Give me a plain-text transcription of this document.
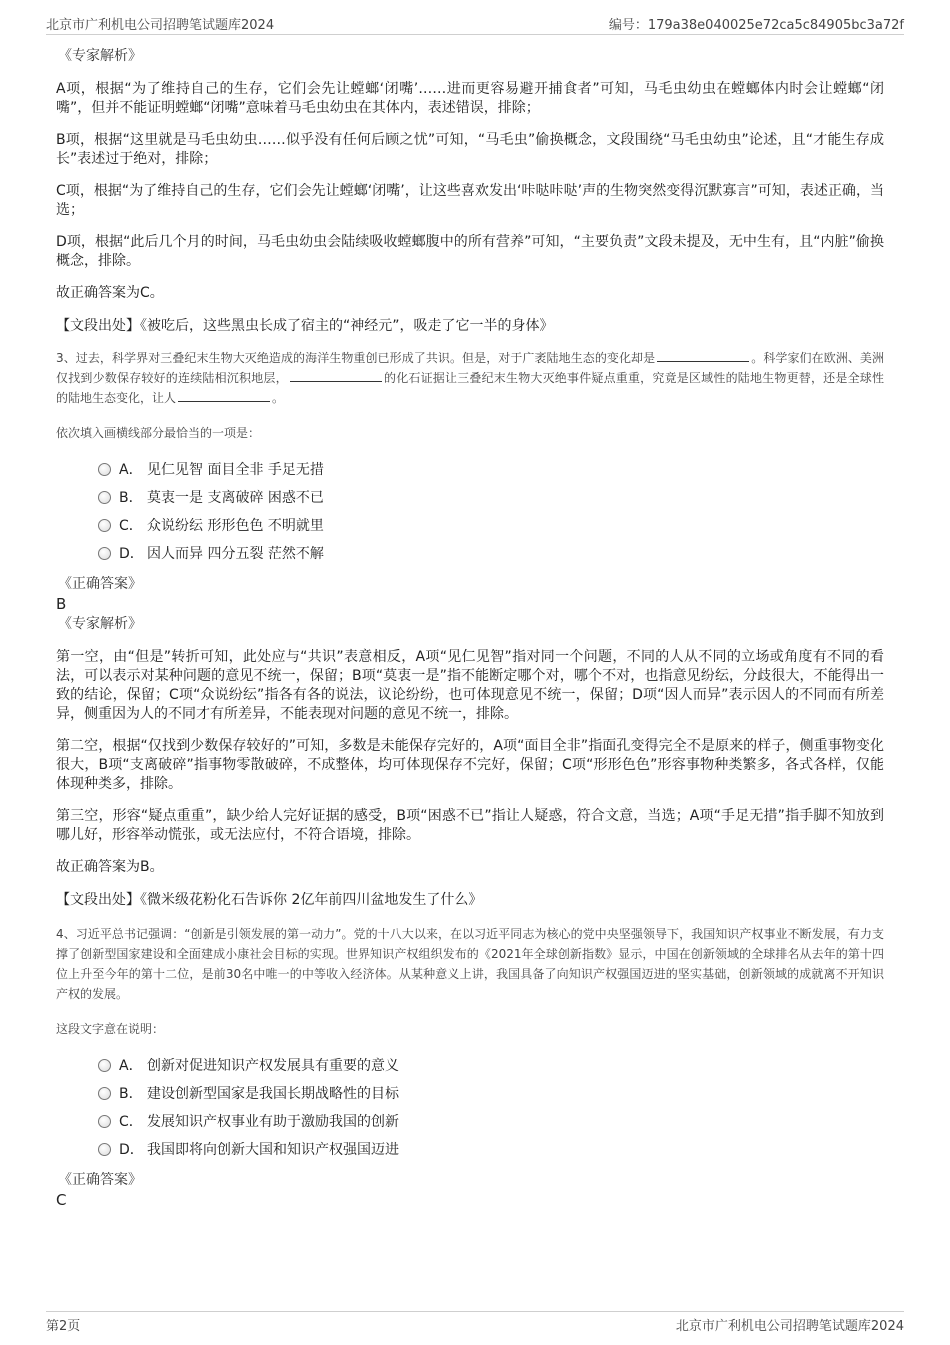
北京市广利机电公司招聘笔试题库2024	编号：179a38e040025e72ca5c84905bc3a72f
《专家解析》

A项，根据“为了维持自己的生存，它们会先让螳螂‘闭嘴’……进而更容易避开捕食者”可知，马毛虫幼虫在螳螂体内时会让螳螂“闭嘴”，但并不能证明螳螂“闭嘴”意味着马毛虫幼虫在其体内，表述错误，排除；

B项，根据“这里就是马毛虫幼虫……似乎没有任何后顾之忧”可知，“马毛虫”偷换概念，文段围绕“马毛虫幼虫”论述，且“才能生存成长”表述过于绝对，排除；

C项，根据“为了维持自己的生存，它们会先让螳螂‘闭嘴’，让这些喜欢发出‘咔哒咔哒’声的生物突然变得沉默寡言”可知，表述正确，当选；

D项，根据“此后几个月的时间，马毛虫幼虫会陆续吸收螳螂腹中的所有营养”可知，“主要负责”文段未提及，无中生有，且“内脏”偷换概念，排除。

故正确答案为C。

【文段出处】《被吃后，这些黑虫长成了宿主的“神经元”，吸走了它一半的身体》

3、过去，科学界对三叠纪末生物大灭绝造成的海洋生物重创已形成了共识。但是，对于广袤陆地生态的变化却是	。科学家们在欧洲、美洲仅找到少数保存较好的连续陆相沉积地层，	的化石证据让三叠纪末生物大灭绝事件疑点重重，究竟是区域性的陆地生物更替，还是全球性的陆地生态变化，让人	。

依次填入画横线部分最恰当的一项是：

A． 见仁见智 面目全非 手足无措
B． 莫衷一是 支离破碎 困惑不已
C． 众说纷纭 形形色色 不明就里
D． 因人而异 四分五裂 茫然不解
《正确答案》
B
《专家解析》

第一空，由“但是”转折可知，此处应与“共识”表意相反，A项“见仁见智”指对同一个问题，不同的人从不同的立场或角度有不同的看法，可以表示对某种问题的意见不统一，保留；B项“莫衷一是”指不能断定哪个对，哪个不对，也指意见纷纭，分歧很大，不能得出一致的结论，保留；C项“众说纷纭”指各有各的说法，议论纷纷，也可体现意见不统一，保留；D项“因人而异”表示因人的不同而有所差异，侧重因为人的不同才有所差异，不能表现对问题的意见不统一，排除。

第二空，根据“仅找到少数保存较好的”可知，多数是未能保存完好的，A项“面目全非”指面孔变得完全不是原来的样子，侧重事物变化很大，B项“支离破碎”指事物零散破碎，不成整体，均可体现保存不完好，保留；C项“形形色色”形容事物种类繁多，各式各样，仅能体现种类多，排除。

第三空，形容“疑点重重”，缺少给人完好证据的感受，B项“困惑不已”指让人疑惑，符合文意，当选；A项“手足无措”指手脚不知放到哪儿好，形容举动慌张，或无法应付，不符合语境，排除。

故正确答案为B。

【文段出处】《微米级花粉化石告诉你 2亿年前四川盆地发生了什么》

4、习近平总书记强调：“创新是引领发展的第一动力”。党的十八大以来，在以习近平同志为核心的党中央坚强领导下，我国知识产权事业不断发展，有力支撑了创新型国家建设和全面建成小康社会目标的实现。世界知识产权组织发布的《2021年全球创新指数》显示，中国在创新领域的全球排名从去年的第十四位上升至今年的第十二位，是前30名中唯一的中等收入经济体。从某种意义上讲，我国具备了向知识产权强国迈进的坚实基础，创新领域的成就离不开知识产权的发展。

这段文字意在说明：

A． 创新对促进知识产权发展具有重要的意义
B． 建设创新型国家是我国长期战略性的目标
C． 发展知识产权事业有助于激励我国的创新
D． 我国即将向创新大国和知识产权强国迈进
《正确答案》
C
第2页	北京市广利机电公司招聘笔试题库2024
